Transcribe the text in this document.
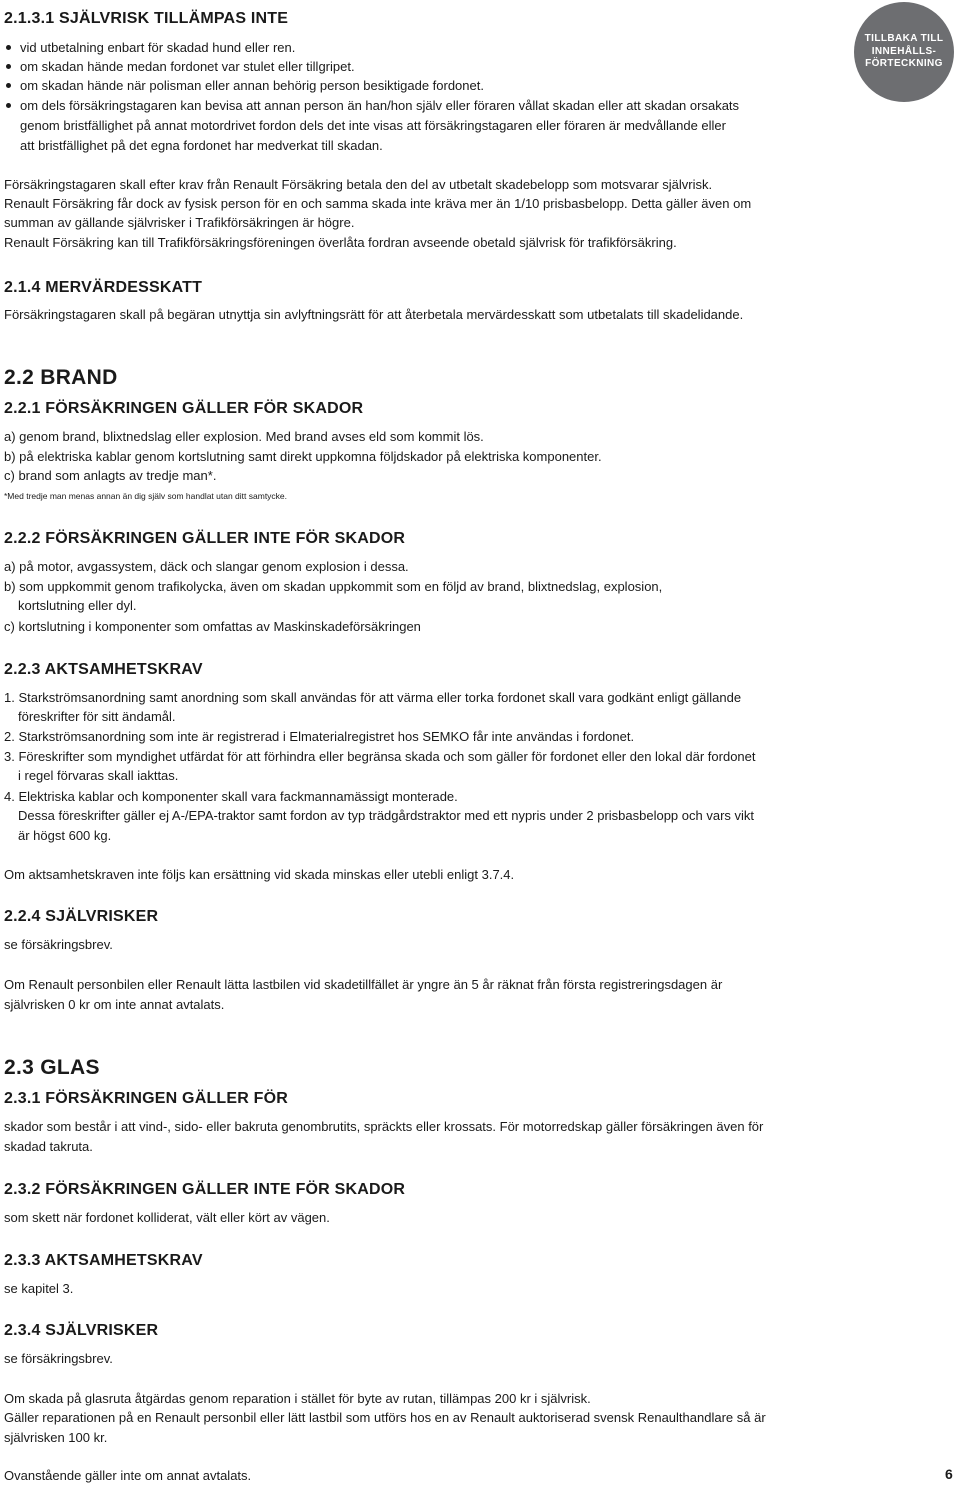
TILLBAKA TILL
INNEHÅLLS-
FÖRTECKNING
2.1.3.1 SJÄLVRISK TILLÄMPAS INTE
vid utbetalning enbart för skadad hund eller ren.
om skadan hände medan fordonet var stulet eller tillgripet.
om skadan hände när polisman eller annan behörig person besiktigade fordonet.
om dels försäkringstagaren kan bevisa att annan person än han/hon själv eller föraren vållat skadan eller att skadan orsakats
genom bristfällighet på annat motordrivet fordon dels det inte visas att försäkringstagaren eller föraren är medvållande eller
att bristfällighet på det egna fordonet har medverkat till skadan.
Försäkringstagaren skall efter krav från Renault Försäkring betala den del av utbetalt skadebelopp som motsvarar självrisk.
Renault Försäkring får dock av fysisk person för en och samma skada inte kräva mer än 1/10 prisbasbelopp. Detta gäller även om
summan av gällande självrisker i Trafikförsäkringen är högre.
Renault Försäkring kan till Trafikförsäkringsföreningen överlåta fordran avseende obetald självrisk för trafikförsäkring.
2.1.4 MERVÄRDESSKATT
Försäkringstagaren skall på begäran utnyttja sin avlyftningsrätt för att återbetala mervärdesskatt som utbetalats till skadelidande.
2.2 BRAND
2.2.1 FÖRSÄKRINGEN GÄLLER FÖR SKADOR
a) genom brand, blixtnedslag eller explosion. Med brand avses eld som kommit lös.
b) på elektriska kablar genom kortslutning samt direkt uppkomna följdskador på elektriska komponenter.
c) brand som anlagts av tredje man*.
*Med tredje man menas annan än dig själv som handlat utan ditt samtycke.
2.2.2 FÖRSÄKRINGEN GÄLLER INTE FÖR SKADOR
a) på motor, avgassystem, däck och slangar genom explosion i dessa.
b) som uppkommit genom trafikolycka, även om skadan uppkommit som en följd av brand, blixtnedslag, explosion,
kortslutning eller dyl.
c) kortslutning i komponenter som omfattas av Maskinskadeförsäkringen
2.2.3 AKTSAMHETSKRAV
1. Starkströmsanordning samt anordning som skall användas för att värma eller torka fordonet skall vara godkänt enligt gällande
föreskrifter för sitt ändamål.
2. Starkströmsanordning som inte är registrerad i Elmaterialregistret hos SEMKO får inte användas i fordonet.
3. Föreskrifter som myndighet utfärdat för att förhindra eller begränsa skada och som gäller för fordonet eller den lokal där fordonet
i regel förvaras skall iakttas.
4. Elektriska kablar och komponenter skall vara fackmannamässigt monterade.
Dessa föreskrifter gäller ej A-/EPA-traktor samt fordon av typ trädgårdstraktor med ett nypris under 2 prisbasbelopp och vars vikt
är högst 600 kg.
Om aktsamhetskraven inte följs kan ersättning vid skada minskas eller utebli enligt 3.7.4.
2.2.4 SJÄLVRISKER
se försäkringsbrev.
Om Renault personbilen eller Renault lätta lastbilen vid skadetillfället är yngre än 5 år räknat från första registreringsdagen är
självrisken 0 kr om inte annat avtalats.
2.3 GLAS
2.3.1 FÖRSÄKRINGEN GÄLLER FÖR
skador som består i att vind-, sido- eller bakruta genombrutits, spräckts eller krossats. För motorredskap gäller försäkringen även för
skadad takruta.
2.3.2 FÖRSÄKRINGEN GÄLLER INTE FÖR SKADOR
som skett när fordonet kolliderat, vält eller kört av vägen.
2.3.3 AKTSAMHETSKRAV
se kapitel 3.
2.3.4 SJÄLVRISKER
se försäkringsbrev.
Om skada på glasruta åtgärdas genom reparation i stället för byte av rutan, tillämpas 200 kr i självrisk.
Gäller reparationen på en Renault personbil eller lätt lastbil som utförs hos en av Renault auktoriserad svensk Renaulthandlare så är
självrisken 100 kr.
Ovanstående gäller inte om annat avtalats.	6
